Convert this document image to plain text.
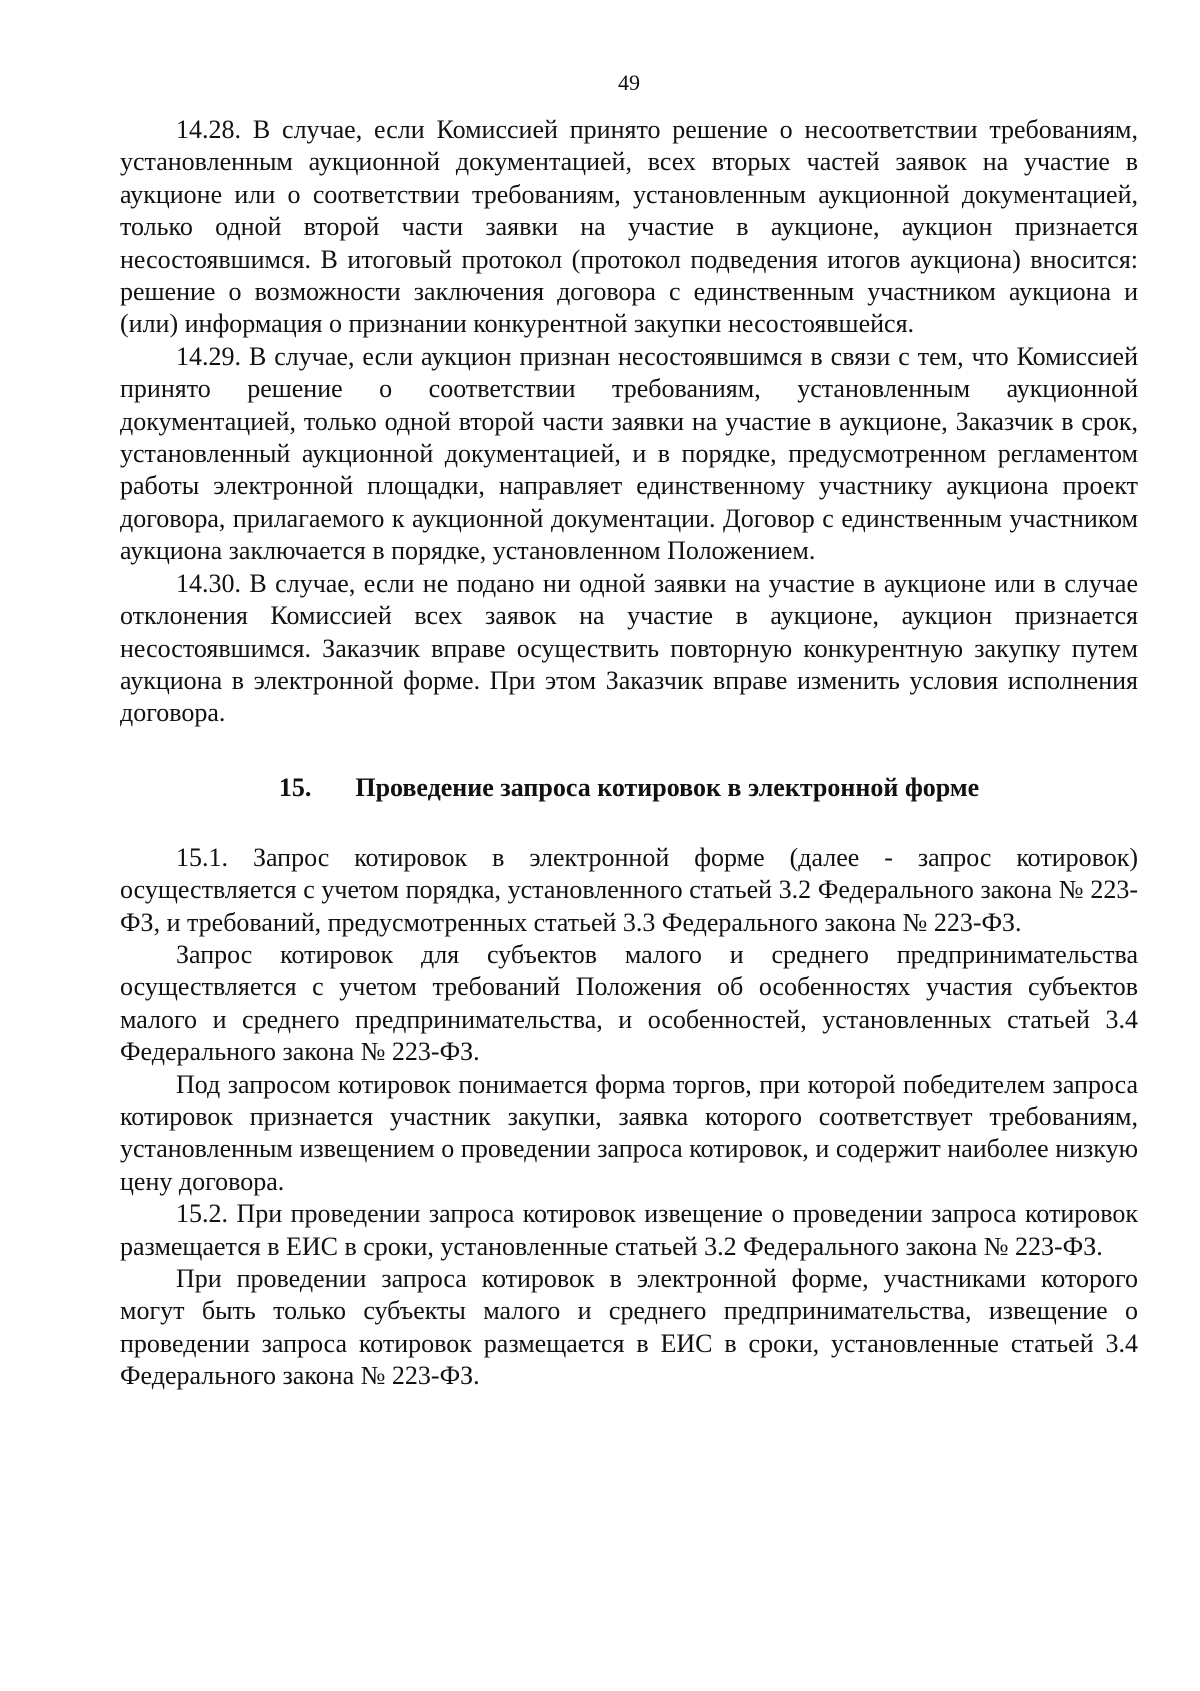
49

14.28. В случае, если Комиссией принято решение о несоответствии требованиям, установленным аукционной документацией, всех вторых частей заявок на участие в аукционе или о соответствии требованиям, установленным аукционной документацией, только одной второй части заявки на участие в аукционе, аукцион признается несостоявшимся. В итоговый протокол (протокол подведения итогов аукциона) вносится: решение о возможности заключения договора с единственным участником аукциона и (или) информация о признании конкурентной закупки несостоявшейся.

14.29. В случае, если аукцион признан несостоявшимся в связи с тем, что Комиссией принято решение о соответствии требованиям, установленным аукционной документацией, только одной второй части заявки на участие в аукционе, Заказчик в срок, установленный аукционной документацией, и в порядке, предусмотренном регламентом работы электронной площадки, направляет единственному участнику аукциона проект договора, прилагаемого к аукционной документации. Договор с единственным участником аукциона заключается в порядке, установленном Положением.

14.30. В случае, если не подано ни одной заявки на участие в аукционе или в случае отклонения Комиссией всех заявок на участие в аукционе, аукцион признается несостоявшимся. Заказчик вправе осуществить повторную конкурентную закупку путем аукциона в электронной форме. При этом Заказчик вправе изменить условия исполнения договора.

15. Проведение запроса котировок в электронной форме

15.1. Запрос котировок в электронной форме (далее - запрос котировок) осуществляется с учетом порядка, установленного статьей 3.2 Федерального закона № 223-ФЗ, и требований, предусмотренных статьей 3.3 Федерального закона № 223-ФЗ.

Запрос котировок для субъектов малого и среднего предпринимательства осуществляется с учетом требований Положения об особенностях участия субъектов малого и среднего предпринимательства, и особенностей, установленных статьей 3.4 Федерального закона № 223-ФЗ.

Под запросом котировок понимается форма торгов, при которой победителем запроса котировок признается участник закупки, заявка которого соответствует требованиям, установленным извещением о проведении запроса котировок, и содержит наиболее низкую цену договора.

15.2. При проведении запроса котировок извещение о проведении запроса котировок размещается в ЕИС в сроки, установленные статьей 3.2 Федерального закона № 223-ФЗ.

При проведении запроса котировок в электронной форме, участниками которого могут быть только субъекты малого и среднего предпринимательства, извещение о проведении запроса котировок размещается в ЕИС в сроки, установленные статьей 3.4 Федерального закона № 223-ФЗ.
